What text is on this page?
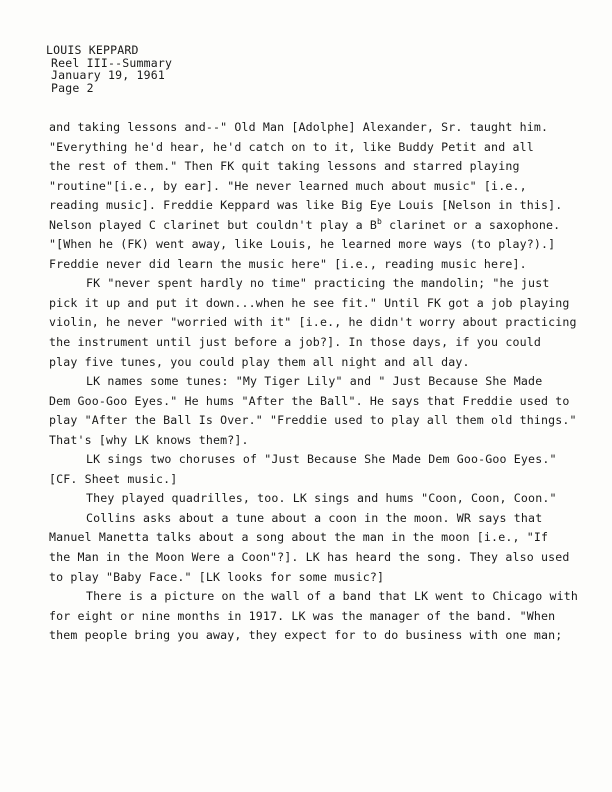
LOUIS KEPPARD
Reel III--Summary
January 19, 1961
Page 2
and taking lessons and--" Old Man [Adolphe] Alexander, Sr. taught him.
"Everything he'd hear, he'd catch on to it, like Buddy Petit and all
the rest of them." Then FK quit taking lessons and starred playing
"routine"[i.e., by ear]. "He never learned much about music" [i.e.,
reading music]. Freddie Keppard was like Big Eye Louis [Nelson in this].
Nelson played C clarinet but couldn't play a $B^b$ clarinet or a saxophone.
"[When he (FK) went away, like Louis, he learned more ways (to play?).]
Freddie never did learn the music here" [i.e., reading music here].
FK "never spent hardly no time" practicing the mandolin; "he just
pick it up and put it down...when he see fit." Until FK got a job playing
violin, he never "worried with it" [i.e., he didn't worry about practicing
the instrument until just before a job?]. In those days, if you could
play five tunes, you could play them all night and all day.
LK names some tunes: "My Tiger Lily" and " Just Because She Made
Dem Goo-Goo Eyes." He hums "After the Ball". He says that Freddie used to
play "After the Ball Is Over." "Freddie used to play all them old things."
That's [why LK knows them?].
LK sings two choruses of "Just Because She Made Dem Goo-Goo Eyes."
[CF. Sheet music.]
They played quadrilles, too. LK sings and hums "Coon, Coon, Coon."
Collins asks about a tune about a coon in the moon. WR says that
Manuel Manetta talks about a song about the man in the moon [i.e., "If
the Man in the Moon Were a Coon"?]. LK has heard the song. They also used
to play "Baby Face." [LK looks for some music?]
There is a picture on the wall of a band that LK went to Chicago with
for eight or nine months in 1917. LK was the manager of the band. "When
them people bring you away, they expect for to do business with one man;
